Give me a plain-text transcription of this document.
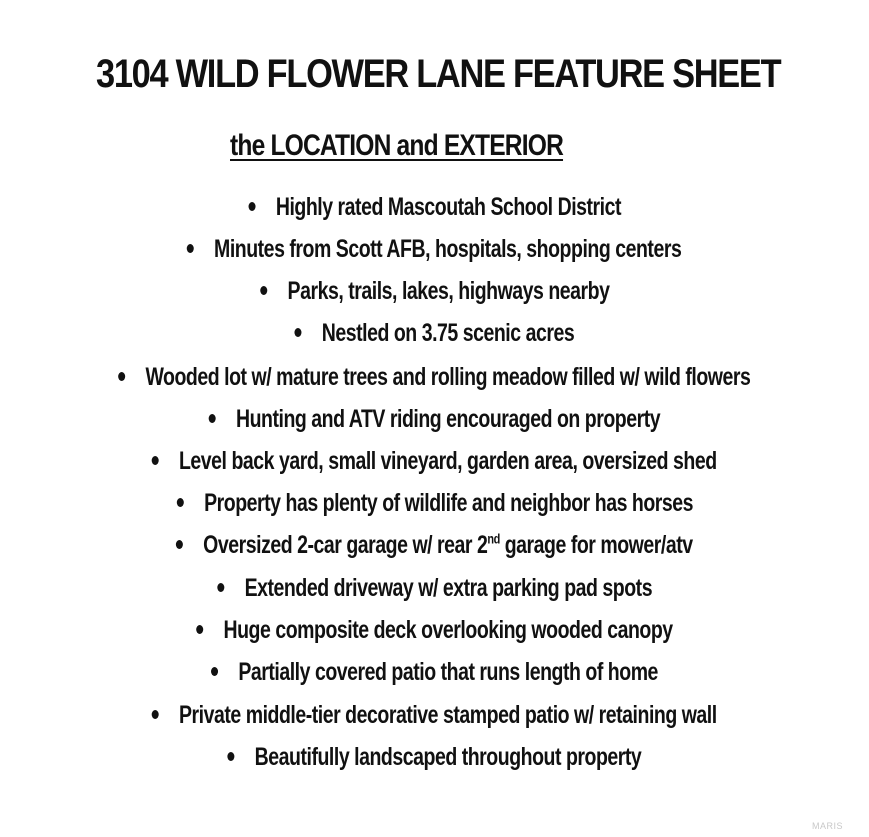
3104 WILD FLOWER LANE FEATURE SHEET
the LOCATION and EXTERIOR
Highly rated Mascoutah School District
Minutes from Scott AFB, hospitals, shopping centers
Parks, trails, lakes, highways nearby
Nestled on 3.75 scenic acres
Wooded lot w/ mature trees and rolling meadow filled w/ wild flowers
Hunting and ATV riding encouraged on property
Level back yard, small vineyard, garden area, oversized shed
Property has plenty of wildlife and neighbor has horses
Oversized 2-car garage w/ rear 2nd garage for mower/atv
Extended driveway w/ extra parking pad spots
Huge composite deck overlooking wooded canopy
Partially covered patio that runs length of home
Private middle-tier decorative stamped patio w/ retaining wall
Beautifully landscaped throughout property
MARIS
